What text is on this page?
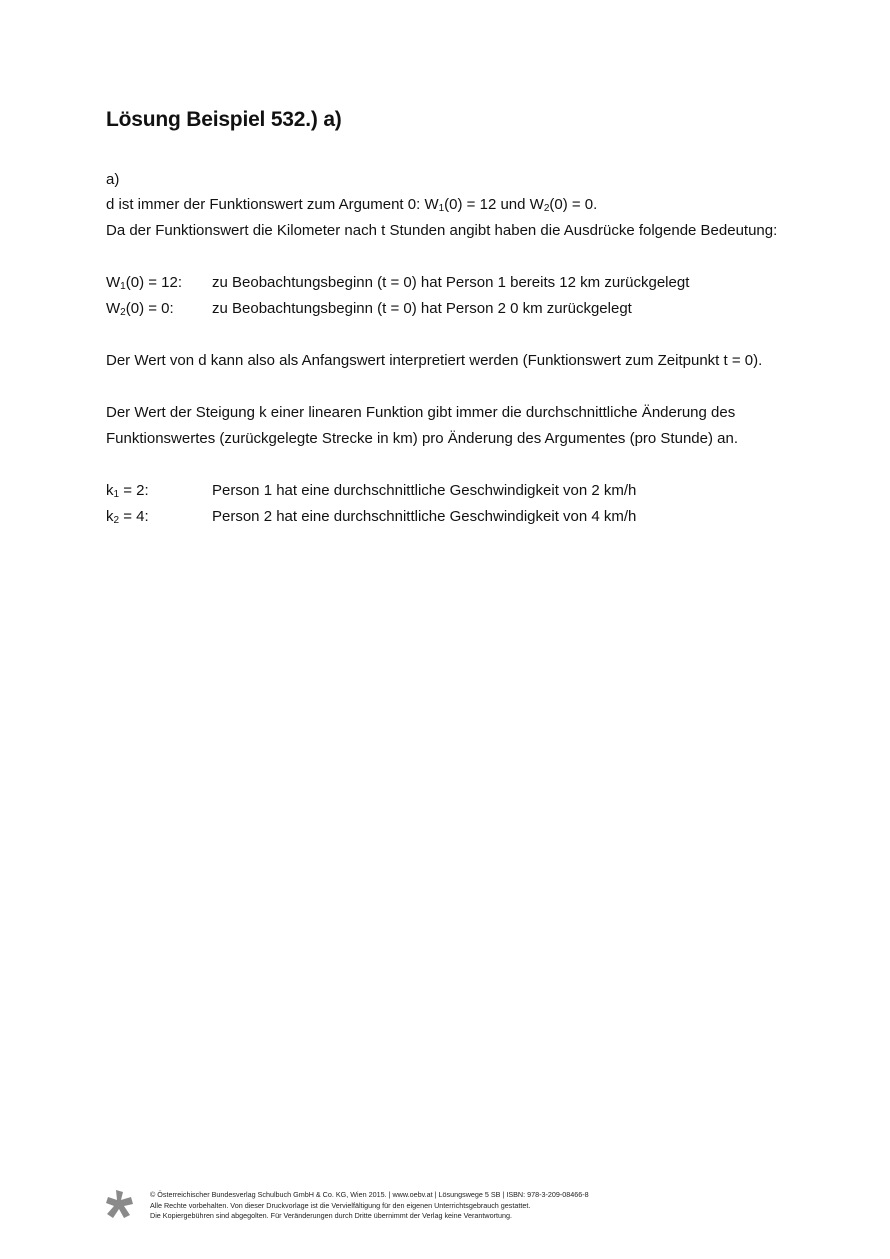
Lösung Beispiel 532.) a)
a)
d ist immer der Funktionswert zum Argument 0: $W_1(0) = 12$ und $W_2(0) = 0$.
Da der Funktionswert die Kilometer nach t Stunden angibt haben die Ausdrücke folgende Bedeutung:
$W_1(0) = 12$: zu Beobachtungsbeginn (t = 0) hat Person 1 bereits 12 km zurückgelegt
$W_2(0) = 0$:	zu Beobachtungsbeginn (t = 0) hat Person 2 0 km zurückgelegt
Der Wert von d kann also als Anfangswert interpretiert werden (Funktionswert zum Zeitpunkt t = 0).
Der Wert der Steigung k einer linearen Funktion gibt immer die durchschnittliche Änderung des
Funktionswertes (zurückgelegte Strecke in km) pro Änderung des Argumentes (pro Stunde) an.
$k_1 = 2$:	Person 1 hat eine durchschnittliche Geschwindigkeit von 2 km/h
$k_2 = 4$:	Person 2 hat eine durchschnittliche Geschwindigkeit von 4 km/h
© Österreichischer Bundesverlag Schulbuch GmbH & Co. KG, Wien 2015. | www.oebv.at | Lösungswege 5 SB | ISBN: 978-3-209-08466-8
Alle Rechte vorbehalten. Von dieser Druckvorlage ist die Vervielfältigung für den eigenen Unterrichtsgebrauch gestattet.
Die Kopiergebühren sind abgegolten. Für Veränderungen durch Dritte übernimmt der Verlag keine Verantwortung.
